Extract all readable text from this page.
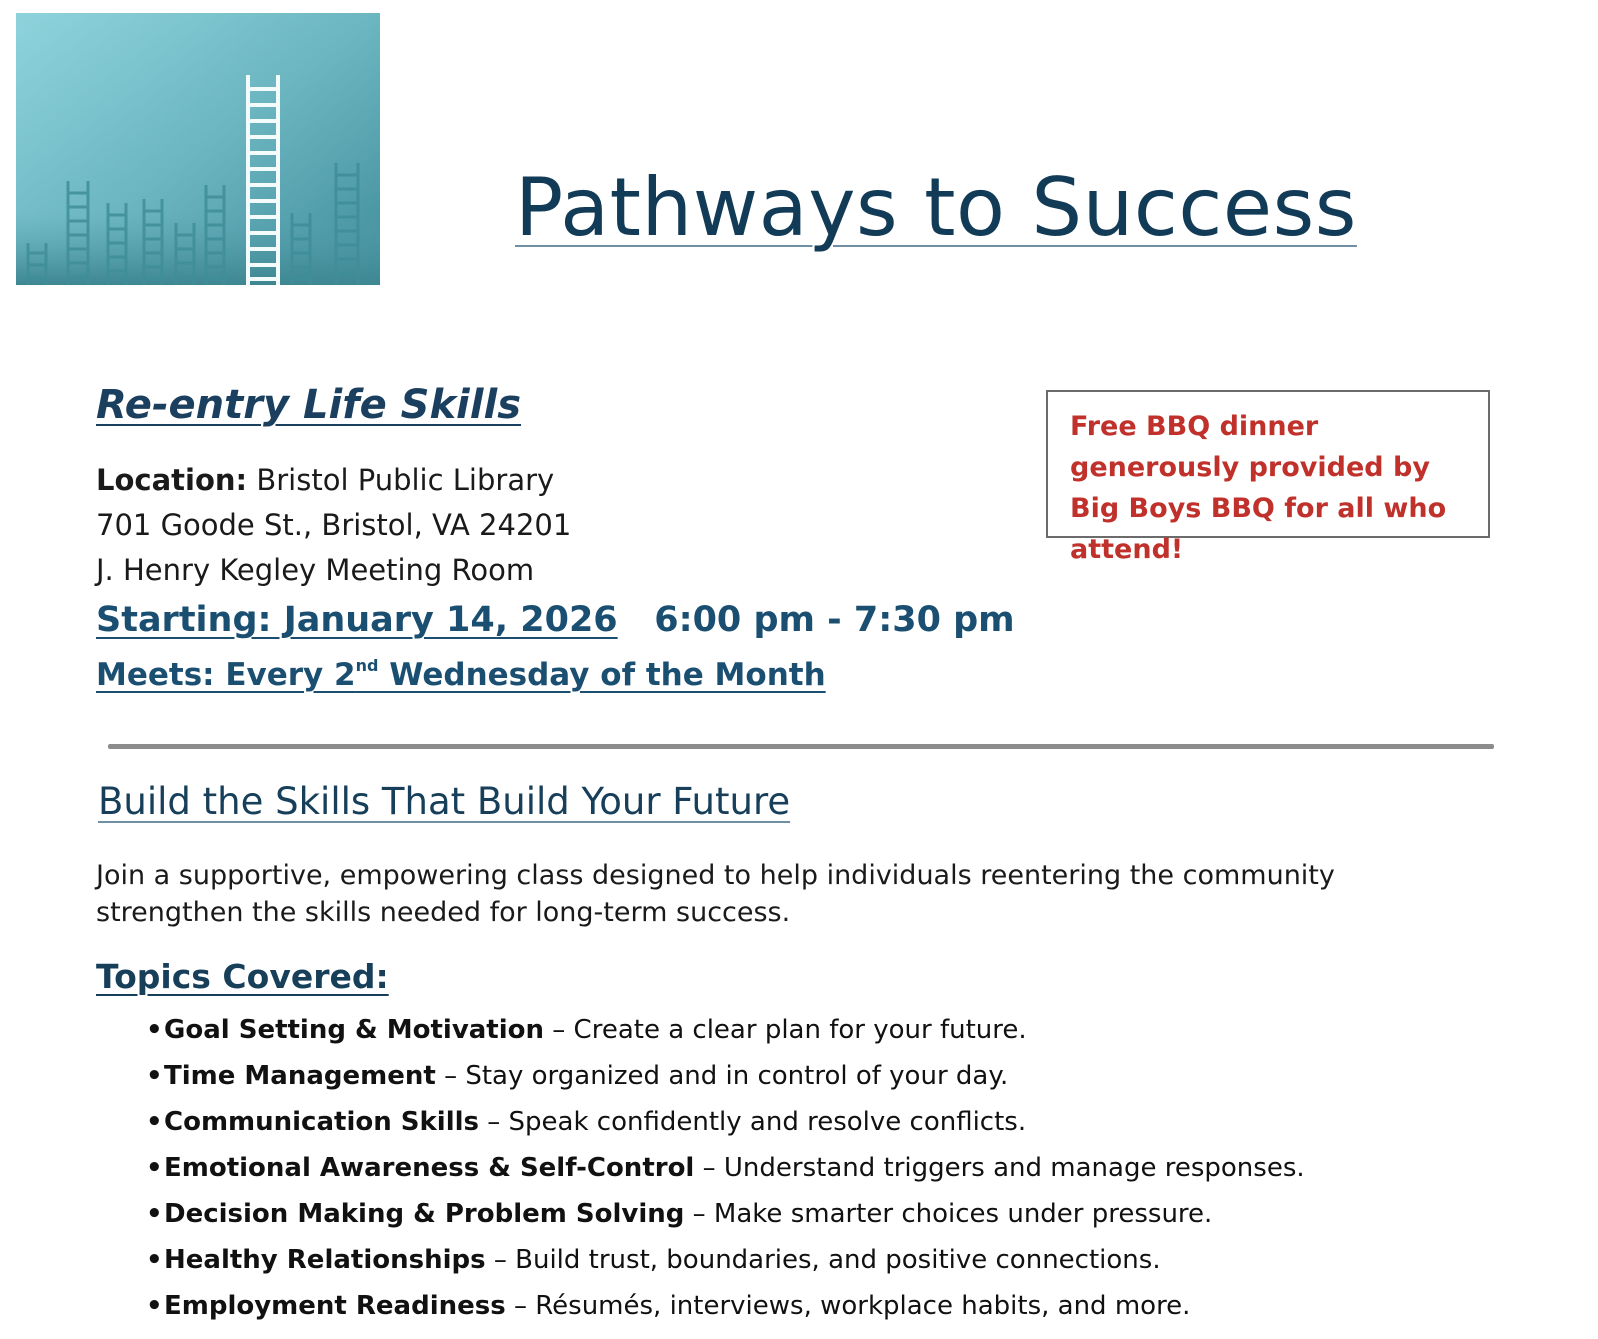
Pathways to Success
Re-entry Life Skills
Location: Bristol Public Library
701 Goode St., Bristol, VA 24201
J. Henry Kegley Meeting Room
Starting: January 14, 2026 6:00 pm - 7:30 pm
Meets: Every 2nd Wednesday of the Month
Free BBQ dinner generously provided by Big Boys BBQ for all who attend!
Build the Skills That Build Your Future
Join a supportive, empowering class designed to help individuals reentering the community strengthen the skills needed for long-term success.
Topics Covered:
•Goal Setting & Motivation – Create a clear plan for your future.
•Time Management – Stay organized and in control of your day.
•Communication Skills – Speak confidently and resolve conflicts.
•Emotional Awareness & Self-Control – Understand triggers and manage responses.
•Decision Making & Problem Solving – Make smarter choices under pressure.
•Healthy Relationships – Build trust, boundaries, and positive connections.
•Employment Readiness – Résumés, interviews, workplace habits, and more.
